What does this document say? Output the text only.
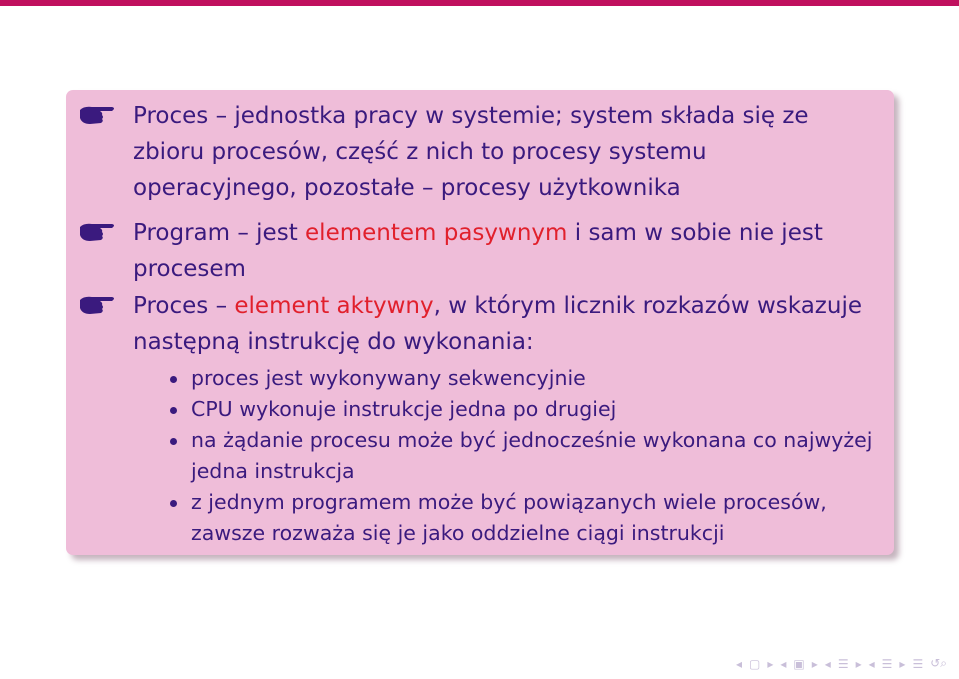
Proces – jednostka pracy w systemie; system składa się ze zbioru procesów, część z nich to procesy systemu operacyjnego, pozostałe – procesy użytkownika
Program – jest elementem pasywnym i sam w sobie nie jest procesem
Proces – element aktywny, w którym licznik rozkazów wskazuje następną instrukcję do wykonania:
proces jest wykonywany sekwencyjnie
CPU wykonuje instrukcje jedna po drugiej
na żądanie procesu może być jednocześnie wykonana co najwyżej jedna instrukcja
z jednym programem może być powiązanych wiele procesów, zawsze rozważa się je jako oddzielne ciągi instrukcji
◂ ▢ ▸ ◂ ▣ ▸ ◂ ☰ ▸ ◂ ☰ ▸ ☰ ↺⌕
